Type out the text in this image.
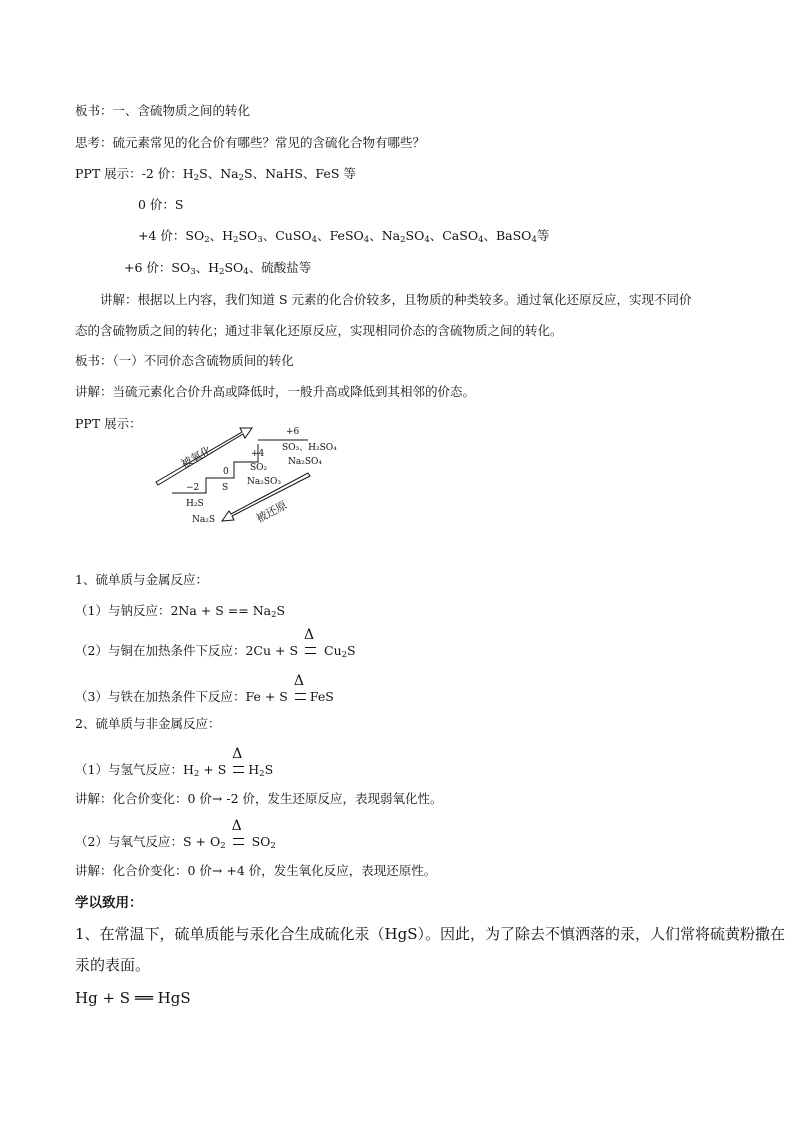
板书：一、含硫物质之间的转化
思考：硫元素常见的化合价有哪些？常见的含硫化合物有哪些？
PPT 展示：-2 价：$H_2S$、$Na_2S$、NaHS、FeS 等
0 价：S
+4 价：$SO_2$、$H_2SO_3$、CuSO$_4$、FeSO$_4$、$Na_2SO_4$、CaSO$_4$、BaSO$_4$等
+6 价：$SO_3$、$H_2SO_4$、硫酸盐等
讲解：根据以上内容，我们知道 S 元素的化合价较多，且物质的种类较多。通过氧化还原反应，实现不同价
态的含硫物质之间的转化；通过非氧化还原反应，实现相同价态的含硫物质之间的转化。
板书：（一）不同价态含硫物质间的转化
讲解：当硫元素化合价升高或降低时，一般升高或降低到其相邻的价态。
PPT 展示：
被氧化
被还原
−2
0
+4
+6
H₂S
Na₂S
S
SO₂
Na₂SO₃
SO₃、H₂SO₄
Na₂SO₄
1、硫单质与金属反应：
（1）与钠反应：$2Na + S == Na_2S$
（2）与铜在加热条件下反应：2Cu + S
Δ
$Cu_2S$
（3）与铁在加热条件下反应：Fe + S
Δ
FeS
2、硫单质与非金属反应：
（1）与氢气反应：$H_2 + S$
Δ
$H_2S$
讲解：化合价变化：0 价→ -2 价，发生还原反应，表现弱氧化性。
（2）与氧气反应：$S + O_2$
Δ
$SO_2$
讲解：化合价变化：0 价→ +4 价，发生氧化反应，表现还原性。
学以致用：
1、在常温下，硫单质能与汞化合生成硫化汞（HgS）。因此，为了除去不慎洒落的汞，人们常将硫黄粉撒在
汞的表面。
Hg + S ══ HgS
